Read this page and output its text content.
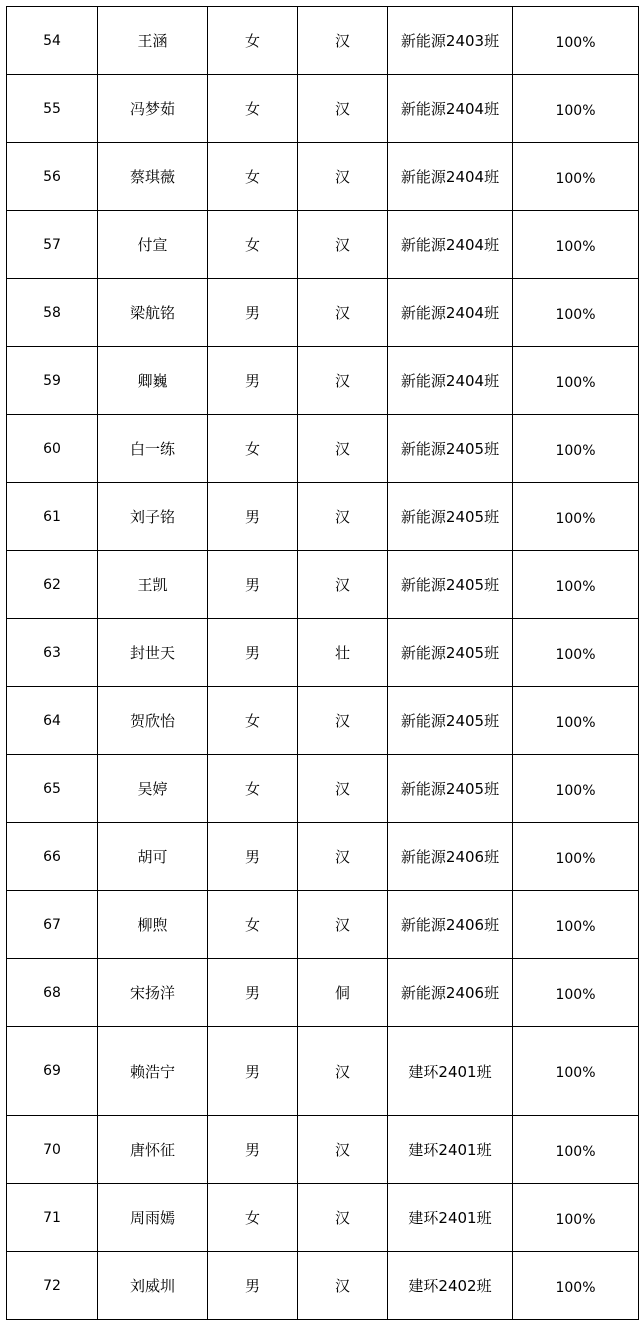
54	王涵	女	汉	新能源2403班	100%
55	冯梦茹	女	汉	新能源2404班	100%
56	蔡琪薇	女	汉	新能源2404班	100%
57	付宣	女	汉	新能源2404班	100%
58	梁航铭	男	汉	新能源2404班	100%
59	卿巍	男	汉	新能源2404班	100%
60	白一练	女	汉	新能源2405班	100%
61	刘子铭	男	汉	新能源2405班	100%
62	王凯	男	汉	新能源2405班	100%
63	封世天	男	壮	新能源2405班	100%
64	贺欣怡	女	汉	新能源2405班	100%
65	吴婷	女	汉	新能源2405班	100%
66	胡可	男	汉	新能源2406班	100%
67	柳煦	女	汉	新能源2406班	100%
68	宋扬洋	男	侗	新能源2406班	100%
69	赖浩宁	男	汉	建环2401班	100%
70	唐怀征	男	汉	建环2401班	100%
71	周雨嫣	女	汉	建环2401班	100%
72	刘威圳	男	汉	建环2402班	100%
